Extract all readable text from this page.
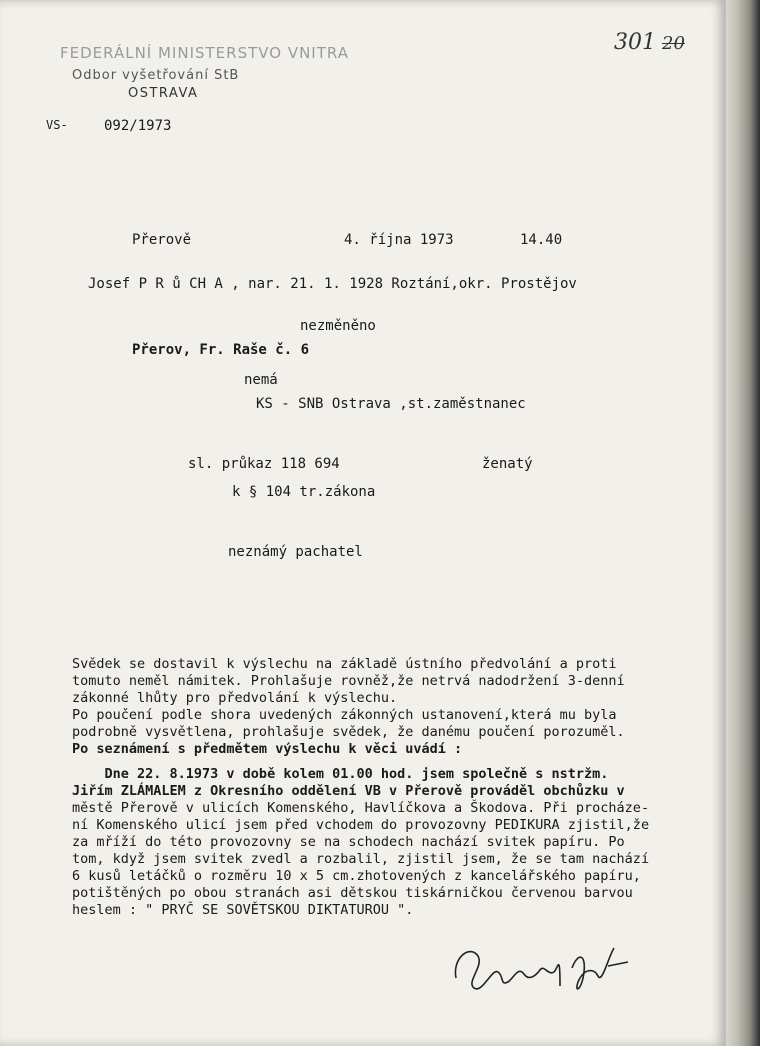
FEDERÁLNÍ MINISTERSTVO VNITRA
Odbor vyšetřování StB
OSTRAVA
VS-	092/1973
301 20
Přerově	4. října 1973	14.40
Josef P R ů CH A , nar. 21. 1. 1928 Roztání,okr. Prostějov
nezměněno
Přerov, Fr. Raše č. 6
nemá
KS - SNB Ostrava ,st.zaměstnanec
sl. průkaz 118 694	ženatý
k § 104 tr.zákona
neznámý pachatel

Svědek se dostavil k výslechu na základě ústního předvolání a proti

tomuto neměl námitek. Prohlašuje rovněž,že netrvá nadodržení 3-denní

zákonné lhůty pro předvolání k výslechu.

Po poučení podle shora uvedených zákonných ustanovení,která mu byla

podrobně vysvětlena, prohlašuje svědek, že danému poučení porozuměl.

Po seznámení s předmětem výslechu k věci uvádí :

Dne 22. 8.1973 v době kolem 01.00 hod. jsem společně s nstržm.

Jiřím ZLÁMALEM z Okresního oddělení VB v Přerově prováděl obchůzku v

městě Přerově v ulicích Komenského, Havlíčkova a Škodova. Při procháze-

ní Komenského ulicí jsem před vchodem do provozovny PEDIKURA zjistil,že

za mříží do této provozovny se na schodech nachází svitek papíru. Po

tom, když jsem svitek zvedl a rozbalil, zjistil jsem, že se tam nachází

6 kusů letáčků o rozměru 10 x 5 cm.zhotovených z kancelářského papíru,

potištěných po obou stranách asi dětskou tiskárničkou červenou barvou

heslem : " PRYČ SE SOVĚTSKOU DIKTATUROU ".
